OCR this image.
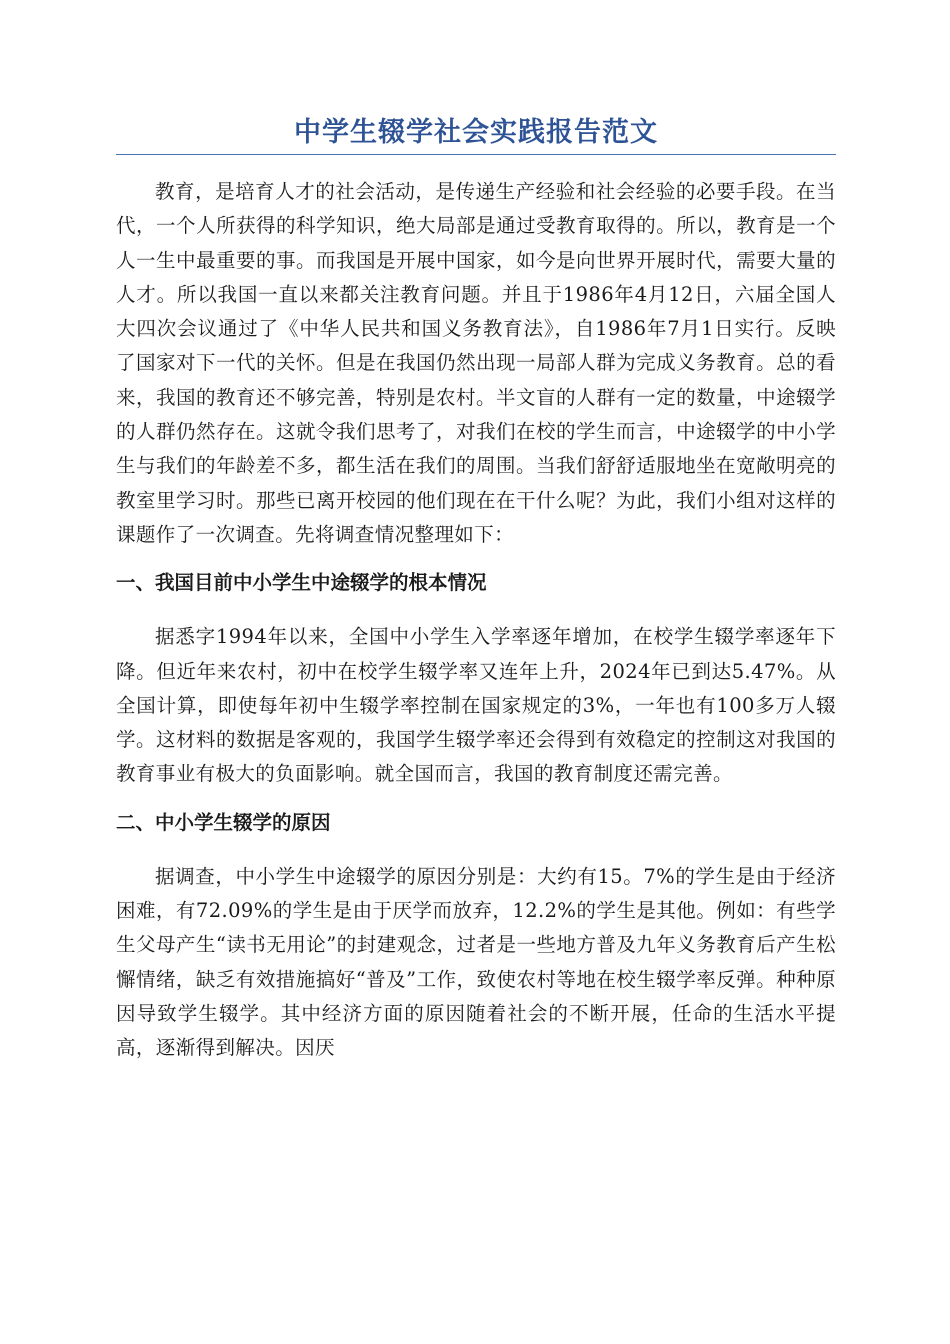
中学生辍学社会实践报告范文

教育，是培育人才的社会活动，是传递生产经验和社会经验的必要手段。在当代，一个人所获得的科学知识，绝大局部是通过受教育取得的。所以，教育是一个人一生中最重要的事。而我国是开展中国家，如今是向世界开展时代，需要大量的人才。所以我国一直以来都关注教育问题。并且于1986年4月12日，六届全国人大四次会议通过了《中华人民共和国义务教育法》，自1986年7月1日实行。反映了国家对下一代的关怀。但是在我国仍然出现一局部人群为完成义务教育。总的看来，我国的教育还不够完善，特别是农村。半文盲的人群有一定的数量，中途辍学的人群仍然存在。这就令我们思考了，对我们在校的学生而言，中途辍学的中小学生与我们的年龄差不多，都生活在我们的周围。当我们舒舒适服地坐在宽敞明亮的教室里学习时。那些已离开校园的他们现在在干什么呢？为此，我们小组对这样的课题作了一次调查。先将调查情况整理如下：

一、我国目前中小学生中途辍学的根本情况

据悉字1994年以来，全国中小学生入学率逐年增加，在校学生辍学率逐年下降。但近年来农村，初中在校学生辍学率又连年上升，2024年已到达5.47%。从全国计算，即使每年初中生辍学率控制在国家规定的3%，一年也有100多万人辍学。这材料的数据是客观的，我国学生辍学率还会得到有效稳定的控制这对我国的教育事业有极大的负面影响。就全国而言，我国的教育制度还需完善。

二、中小学生辍学的原因

据调查，中小学生中途辍学的原因分别是：大约有15。7%的学生是由于经济困难，有72.09%的学生是由于厌学而放弃，12.2%的学生是其他。例如：有些学生父母产生“读书无用论”的封建观念，过者是一些地方普及九年义务教育后产生松懈情绪，缺乏有效措施搞好“普及”工作，致使农村等地在校生辍学率反弹。种种原因导致学生辍学。其中经济方面的原因随着社会的不断开展，任命的生活水平提高，逐渐得到解决。因厌
